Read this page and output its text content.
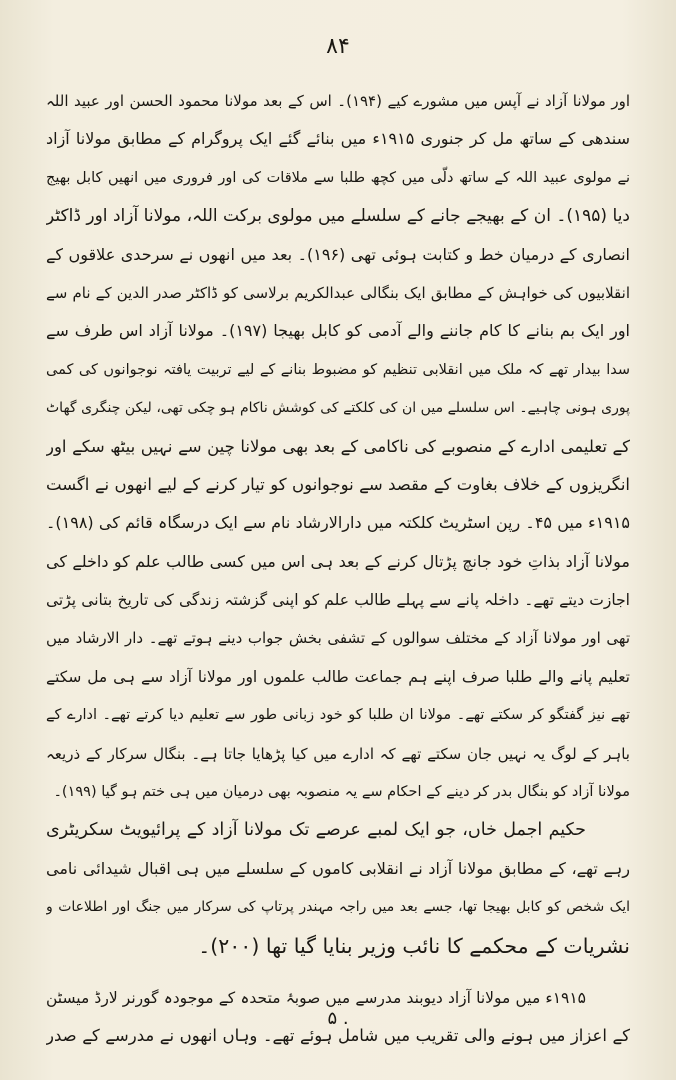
۸۴
اور مولانا آزاد نے آپس میں مشورے کیے (۱۹۴)۔ اس کے بعد مولانا محمود الحسن اور عبید اللہ
سندھی کے ساتھ مل کر جنوری ۱۹۱۵ء میں بنائے گئے ایک پروگرام کے مطابق مولانا آزاد
نے مولوی عبید اللہ کے ساتھ دلّی میں کچھ طلبا سے ملاقات کی اور فروری میں انھیں کابل بھیج
دیا (۱۹۵)۔ ان کے بھیجے جانے کے سلسلے میں مولوی برکت اللہ، مولانا آزاد اور ڈاکٹر
انصاری کے درمیان خط و کتابت ہوئی تھی (۱۹۶)۔ بعد میں انھوں نے سرحدی علاقوں کے
انقلابیوں کی خواہش کے مطابق ایک بنگالی عبدالکریم برلاسی کو ڈاکٹر صدر الدین کے نام سے
اور ایک بم بنانے کا کام جاننے والے آدمی کو کابل بھیجا (۱۹۷)۔ مولانا آزاد اس طرف سے
سدا بیدار تھے کہ ملک میں انقلابی تنظیم کو مضبوط بنانے کے لیے تربیت یافتہ نوجوانوں کی کمی
پوری ہونی چاہیے۔ اس سلسلے میں ان کی کلکتے کی کوشش ناکام ہو چکی تھی، لیکن چنگری گھاٹ
کے تعلیمی ادارے کے منصوبے کی ناکامی کے بعد بھی مولانا چین سے نہیں بیٹھ سکے اور
انگریزوں کے خلاف بغاوت کے مقصد سے نوجوانوں کو تیار کرنے کے لیے انھوں نے اگست
۱۹۱۵ء میں ۴۵۔ رپن اسٹریٹ کلکتہ میں دارالارشاد نام سے ایک درسگاہ قائم کی (۱۹۸)۔
مولانا آزاد بذاتِ خود جانچ پڑتال کرنے کے بعد ہی اس میں کسی طالب علم کو داخلے کی
اجازت دیتے تھے۔ داخلہ پانے سے پہلے طالب علم کو اپنی گزشتہ زندگی کی تاریخ بتانی پڑتی
تھی اور مولانا آزاد کے مختلف سوالوں کے تشفی بخش جواب دینے ہوتے تھے۔ دار الارشاد میں
تعلیم پانے والے طلبا صرف اپنے ہم جماعت طالب علموں اور مولانا آزاد سے ہی مل سکتے
تھے نیز گفتگو کر سکتے تھے۔ مولانا ان طلبا کو خود زبانی طور سے تعلیم دیا کرتے تھے۔ ادارے کے
باہر کے لوگ یہ نہیں جان سکتے تھے کہ ادارے میں کیا پڑھایا جاتا ہے۔ بنگال سرکار کے ذریعہ
مولانا آزاد کو بنگال بدر کر دینے کے احکام سے یہ منصوبہ بھی درمیان میں ہی ختم ہو گیا (۱۹۹)۔
حکیم اجمل خاں، جو ایک لمبے عرصے تک مولانا آزاد کے پرائیویٹ سکریٹری
رہے تھے، کے مطابق مولانا آزاد نے انقلابی کاموں کے سلسلے میں ہی اقبال شیدائی نامی
ایک شخص کو کابل بھیجا تھا، جسے بعد میں راجہ مہندر پرتاپ کی سرکار میں جنگ اور اطلاعات و
نشریات کے محکمے کا نائب وزیر بنایا گیا تھا (۲۰۰)۔
۱۹۱۵ء میں مولانا آزاد دیوبند مدرسے میں صوبۂ متحدہ کے موجودہ گورنر لارڈ میسٹن
کے اعزاز میں ہونے والی تقریب میں شامل ہوئے تھے۔ وہاں انھوں نے مدرسے کے صدر
۵ .
